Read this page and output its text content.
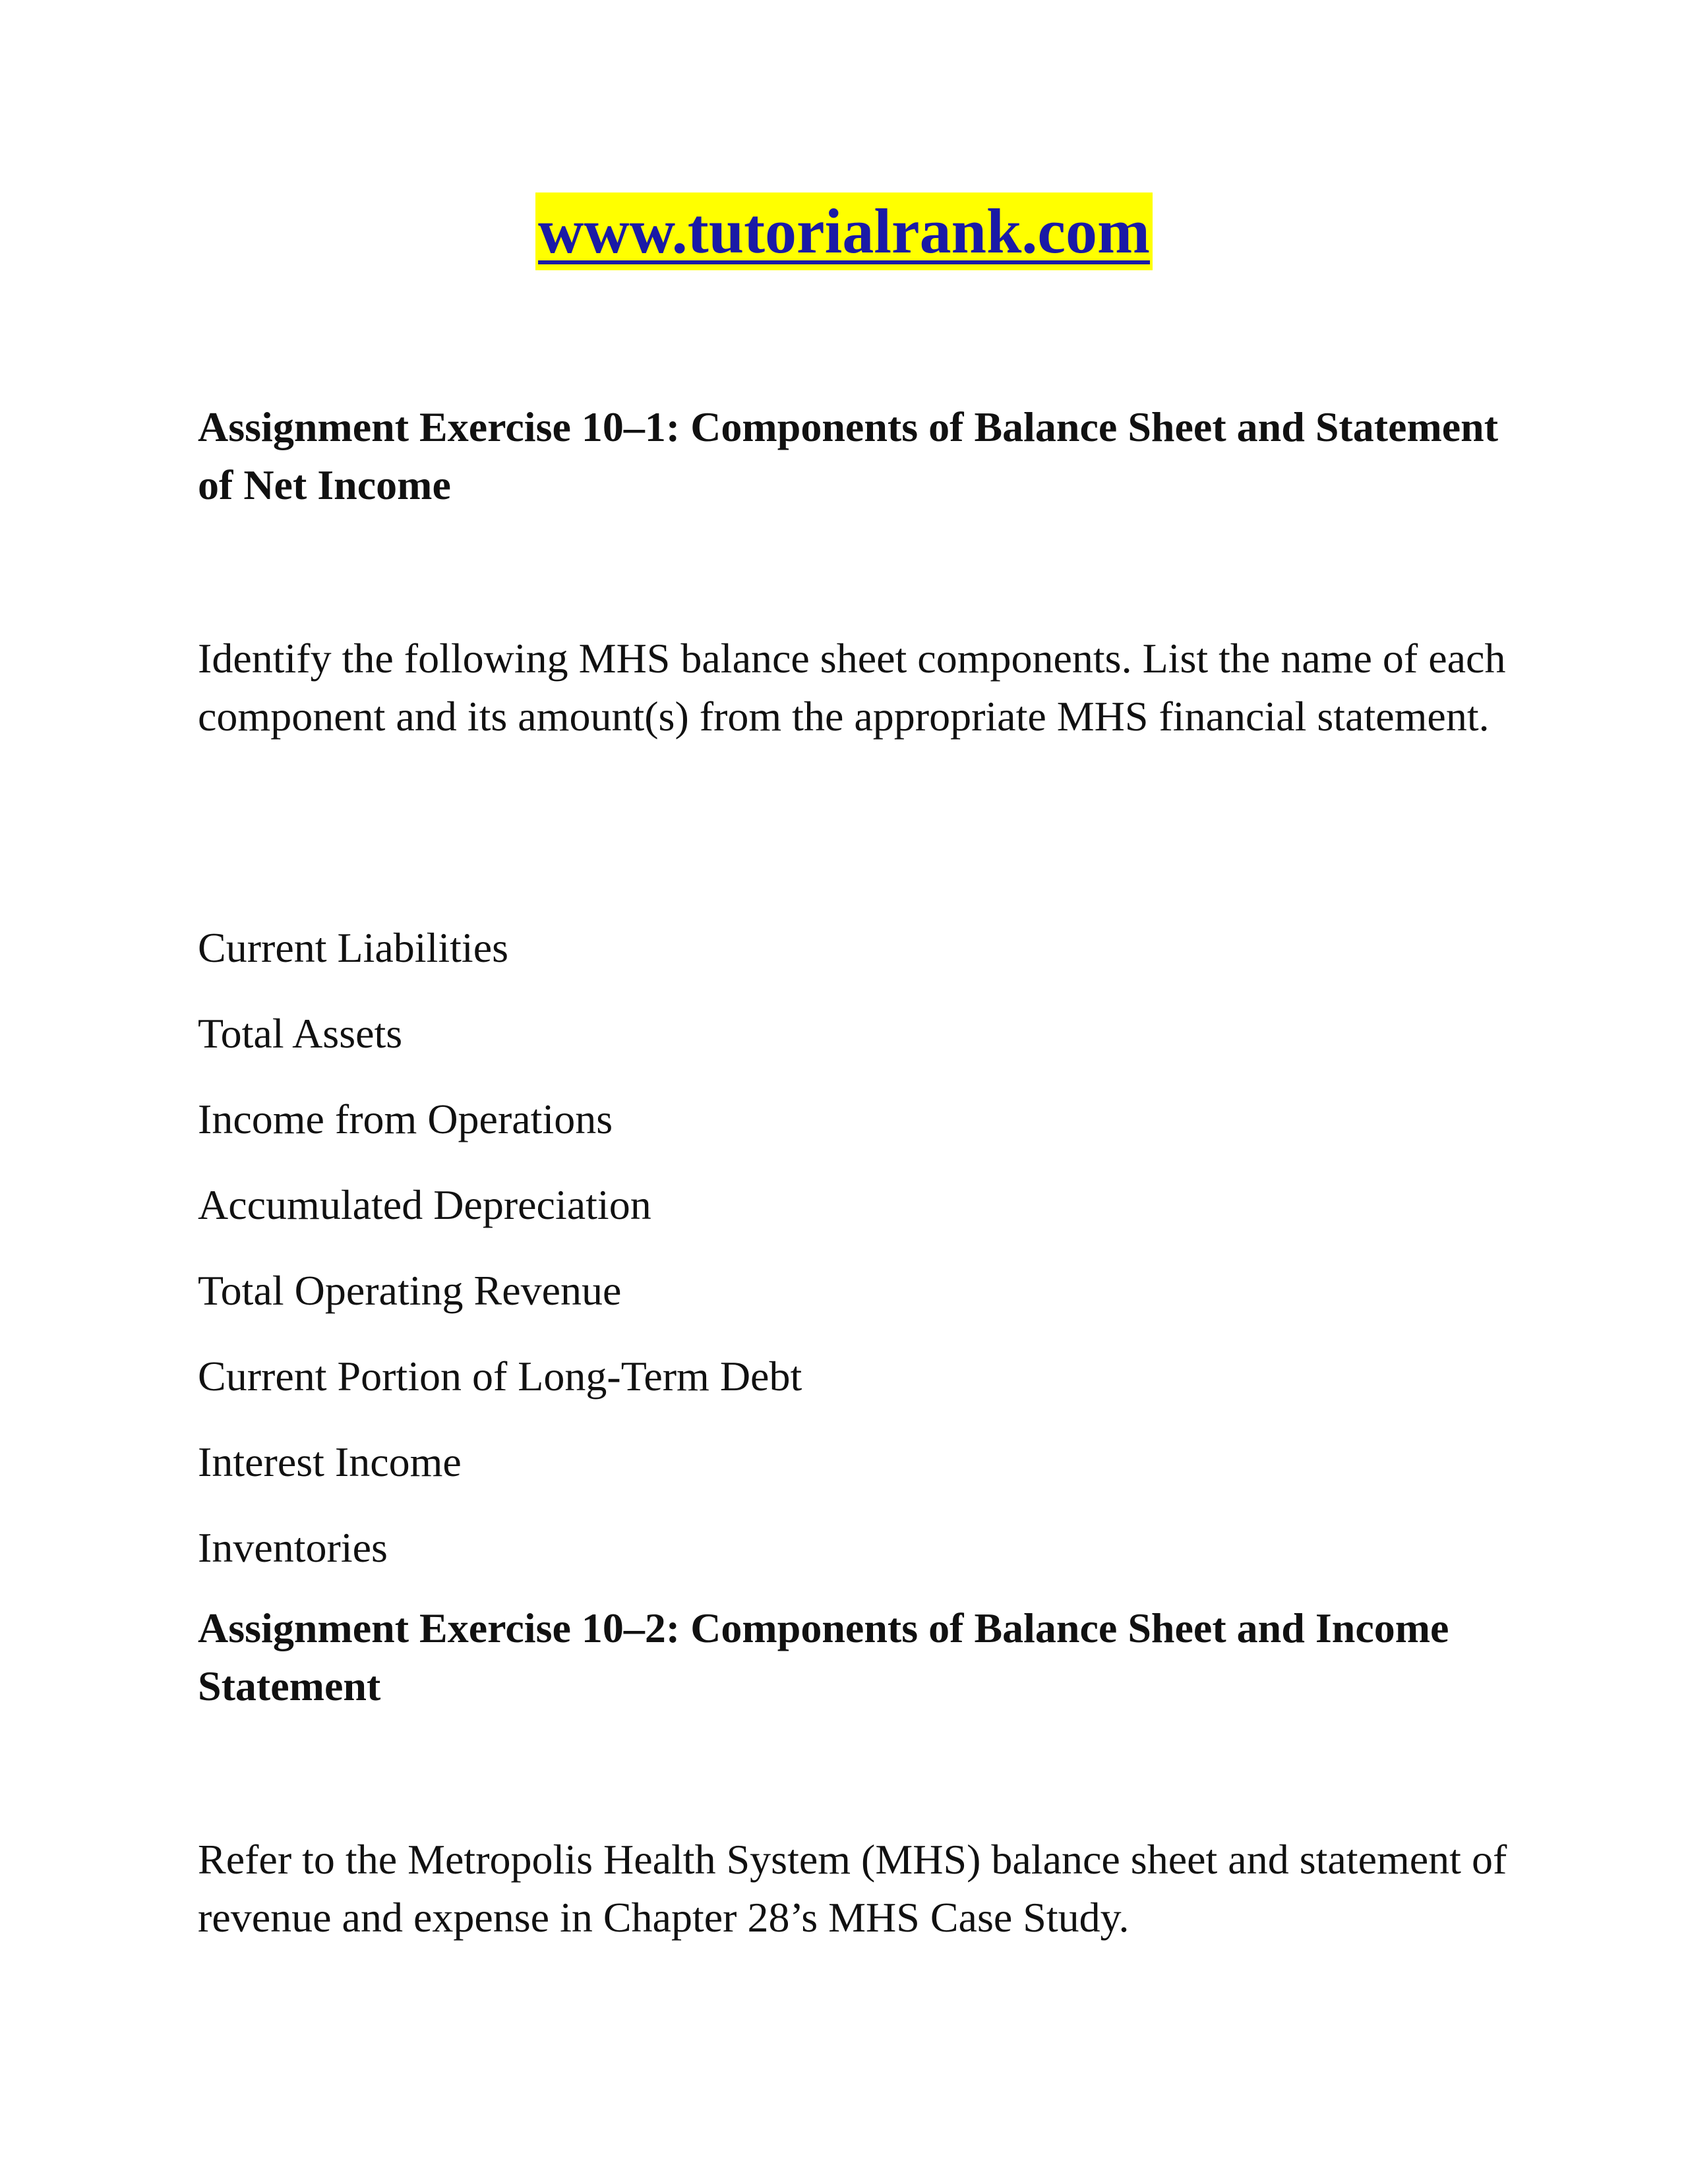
www.tutorialrank.com
Assignment Exercise 10–1: Components of Balance Sheet and Statement of Net Income

Identify the following MHS balance sheet components. List the name of each component and its amount(s) from the appropriate MHS financial statement.

Current Liabilities
Total Assets
Income from Operations
Accumulated Depreciation
Total Operating Revenue
Current Portion of Long-Term Debt
Interest Income
Inventories
Assignment Exercise 10–2: Components of Balance Sheet and Income Statement

Refer to the Metropolis Health System (MHS) balance sheet and statement of revenue and expense in Chapter 28’s MHS Case Study.
